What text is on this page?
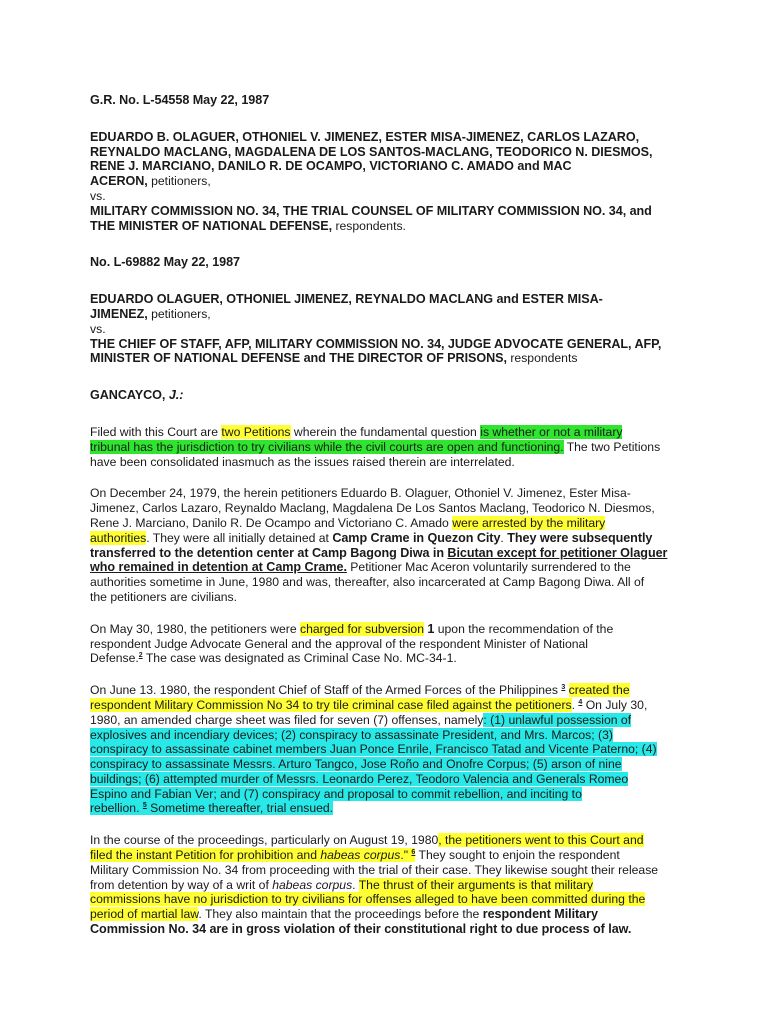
G.R. No. L-54558 May 22, 1987
EDUARDO B. OLAGUER, OTHONIEL V. JIMENEZ, ESTER MISA-JIMENEZ, CARLOS LAZARO,
REYNALDO MACLANG, MAGDALENA DE LOS SANTOS-MACLANG, TEODORICO N. DIESMOS,
RENE J. MARCIANO, DANILO R. DE OCAMPO, VICTORIANO C. AMADO and MAC
ACERON, petitioners,
vs.
MILITARY COMMISSION NO. 34, THE TRIAL COUNSEL OF MILITARY COMMISSION NO. 34, and
THE MINISTER OF NATIONAL DEFENSE, respondents.
No. L-69882 May 22, 1987
EDUARDO OLAGUER, OTHONIEL JIMENEZ, REYNALDO MACLANG and ESTER MISA-
JIMENEZ, petitioners,
vs.
THE CHIEF OF STAFF, AFP, MILITARY COMMISSION NO. 34, JUDGE ADVOCATE GENERAL, AFP,
MINISTER OF NATIONAL DEFENSE and THE DIRECTOR OF PRISONS, respondents
GANCAYCO, J.:
Filed with this Court are two Petitions wherein the fundamental question is whether or not a military
tribunal has the jurisdiction to try civilians while the civil courts are open and functioning. The two Petitions
have been consolidated inasmuch as the issues raised therein are interrelated.
On December 24, 1979, the herein petitioners Eduardo B. Olaguer, Othoniel V. Jimenez, Ester Misa-
Jimenez, Carlos Lazaro, Reynaldo Maclang, Magdalena De Los Santos Maclang, Teodorico N. Diesmos,
Rene J. Marciano, Danilo R. De Ocampo and Victoriano C. Amado were arrested by the military
authorities. They were all initially detained at Camp Crame in Quezon City. They were subsequently
transferred to the detention center at Camp Bagong Diwa in Bicutan except for petitioner Olaguer
who remained in detention at Camp Crame. Petitioner Mac Aceron voluntarily surrendered to the
authorities sometime in June, 1980 and was, thereafter, also incarcerated at Camp Bagong Diwa. All of
the petitioners are civilians.
On May 30, 1980, the petitioners were charged for subversion 1 upon the recommendation of the
respondent Judge Advocate General and the approval of the respondent Minister of National
Defense.$^2$ The case was designated as Criminal Case No. MC-34-1.
On June 13. 1980, the respondent Chief of Staff of the Armed Forces of the Philippines $^3$ created the
respondent Military Commission No 34 to try tile criminal case filed against the petitioners. $^4$ On July 30,
1980, an amended charge sheet was filed for seven (7) offenses, namely: (1) unlawful possession of
explosives and incendiary devices; (2) conspiracy to assassinate President, and Mrs. Marcos; (3)
conspiracy to assassinate cabinet members Juan Ponce Enrile, Francisco Tatad and Vicente Paterno; (4)
conspiracy to assassinate Messrs. Arturo Tangco, Jose Roño and Onofre Corpus; (5) arson of nine
buildings; (6) attempted murder of Messrs. Leonardo Perez, Teodoro Valencia and Generals Romeo
Espino and Fabian Ver; and (7) conspiracy and proposal to commit rebellion, and inciting to
rebellion. $^5$ Sometime thereafter, trial ensued.
In the course of the proceedings, particularly on August 19, 1980, the petitioners went to this Court and
filed the instant Petition for prohibition and habeas corpus." $^6$ They sought to enjoin the respondent
Military Commission No. 34 from proceeding with the trial of their case. They likewise sought their release
from detention by way of a writ of habeas corpus. The thrust of their arguments is that military
commissions have no jurisdiction to try civilians for offenses alleged to have been committed during the
period of martial law. They also maintain that the proceedings before the respondent Military
Commission No. 34 are in gross violation of their constitutional right to due process of law.
